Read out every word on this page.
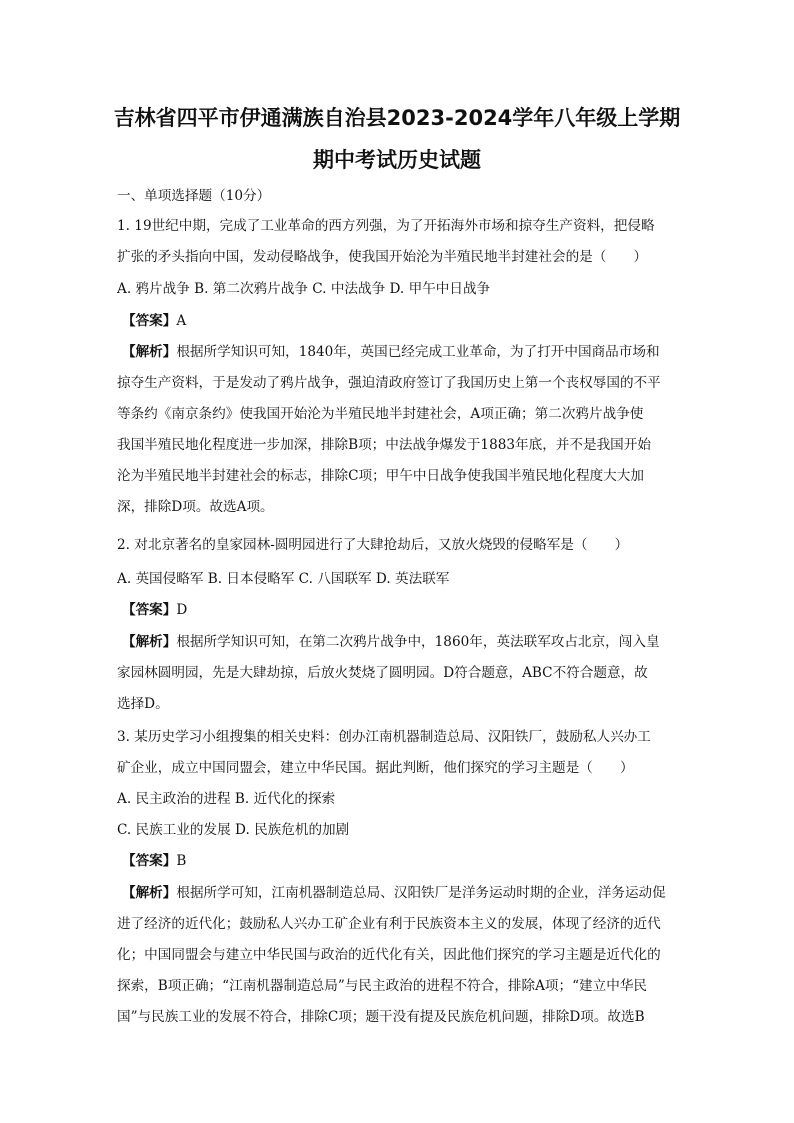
吉林省四平市伊通满族自治县2023-2024学年八年级上学期
期中考试历史试题

一、单项选择题（10分）

1. 19世纪中期，完成了工业革命的西方列强，为了开拓海外市场和掠夺生产资料，把侵略

扩张的矛头指向中国，发动侵略战争，使我国开始沦为半殖民地半封建社会的是（　　）

A. 鸦片战争 B. 第二次鸦片战争 C. 中法战争 D. 甲午中日战争

【答案】A

【解析】根据所学知识可知，1840年，英国已经完成工业革命，为了打开中国商品市场和

掠夺生产资料，于是发动了鸦片战争，强迫清政府签订了我国历史上第一个丧权辱国的不平

等条约《南京条约》使我国开始沦为半殖民地半封建社会，A项正确；第二次鸦片战争使

我国半殖民地化程度进一步加深，排除B项；中法战争爆发于1883年底，并不是我国开始

沦为半殖民地半封建社会的标志，排除C项；甲午中日战争使我国半殖民地化程度大大加

深，排除D项。故选A项。

2. 对北京著名的皇家园林-圆明园进行了大肆抢劫后，又放火烧毁的侵略军是（　　）

A. 英国侵略军 B. 日本侵略军 C. 八国联军 D. 英法联军

【答案】D

【解析】根据所学知识可知，在第二次鸦片战争中，1860年，英法联军攻占北京，闯入皇

家园林圆明园，先是大肆劫掠，后放火焚烧了圆明园。D符合题意，ABC不符合题意，故

选择D。

3. 某历史学习小组搜集的相关史料：创办江南机器制造总局、汉阳铁厂，鼓励私人兴办工

矿企业，成立中国同盟会，建立中华民国。据此判断，他们探究的学习主题是（　　）

A. 民主政治的进程 B. 近代化的探索

C. 民族工业的发展 D. 民族危机的加剧

【答案】B

【解析】根据所学可知，江南机器制造总局、汉阳铁厂是洋务运动时期的企业，洋务运动促

进了经济的近代化；鼓励私人兴办工矿企业有利于民族资本主义的发展，体现了经济的近代

化；中国同盟会与建立中华民国与政治的近代化有关，因此他们探究的学习主题是近代化的

探索，B项正确；“江南机器制造总局”与民主政治的进程不符合，排除A项；“建立中华民

国”与民族工业的发展不符合，排除C项；题干没有提及民族危机问题，排除D项。故选B
